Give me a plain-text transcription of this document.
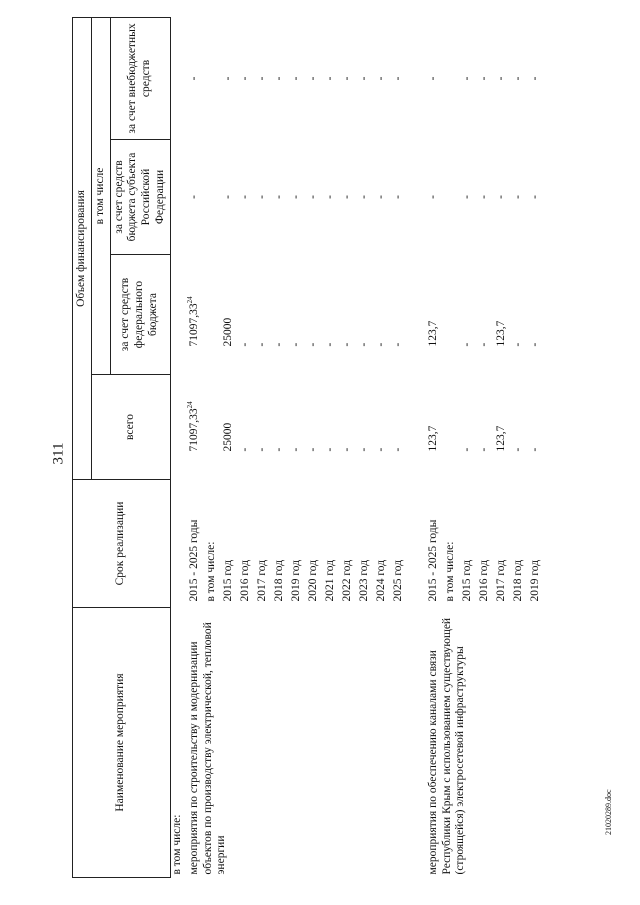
311
21020289.doc
Наименование мероприятия	Срок реализации	Объем финансирования			
		всего	в том числе		
			за счет средств федерального бюджета	за счет средств бюджета субъекта Российской Федерации	за счет внебюджетных средств
в том числе:					
мероприятия по строительству и модернизации объектов по производству электрической, тепловой энергии	2015 - 2025 годы	71097,33$^{24}$	71097,33$^{24}$	-	-
	в том числе:				
	2015 год	25000	25000	-	-
	2016 год	-	-	-	-
	2017 год	-	-	-	-
	2018 год	-	-	-	-
	2019 год	-	-	-	-
	2020 год	-	-	-	-
	2021 год	-	-	-	-
	2022 год	-	-	-	-
	2023 год	-	-	-	-
	2024 год	-	-	-	-
	2025 год	-	-	-	-

мероприятия по обеспечению каналами связи Республики Крым с использованием существующей (строящейся) электросетевой инфраструктуры	2015 - 2025 годы	123,7	123,7	-	-
	в том числе:				
	2015 год	-	-	-	-
	2016 год	-	-	-	-
	2017 год	123,7	123,7	-	-
	2018 год	-	-	-	-
	2019 год	-	-	-	-
